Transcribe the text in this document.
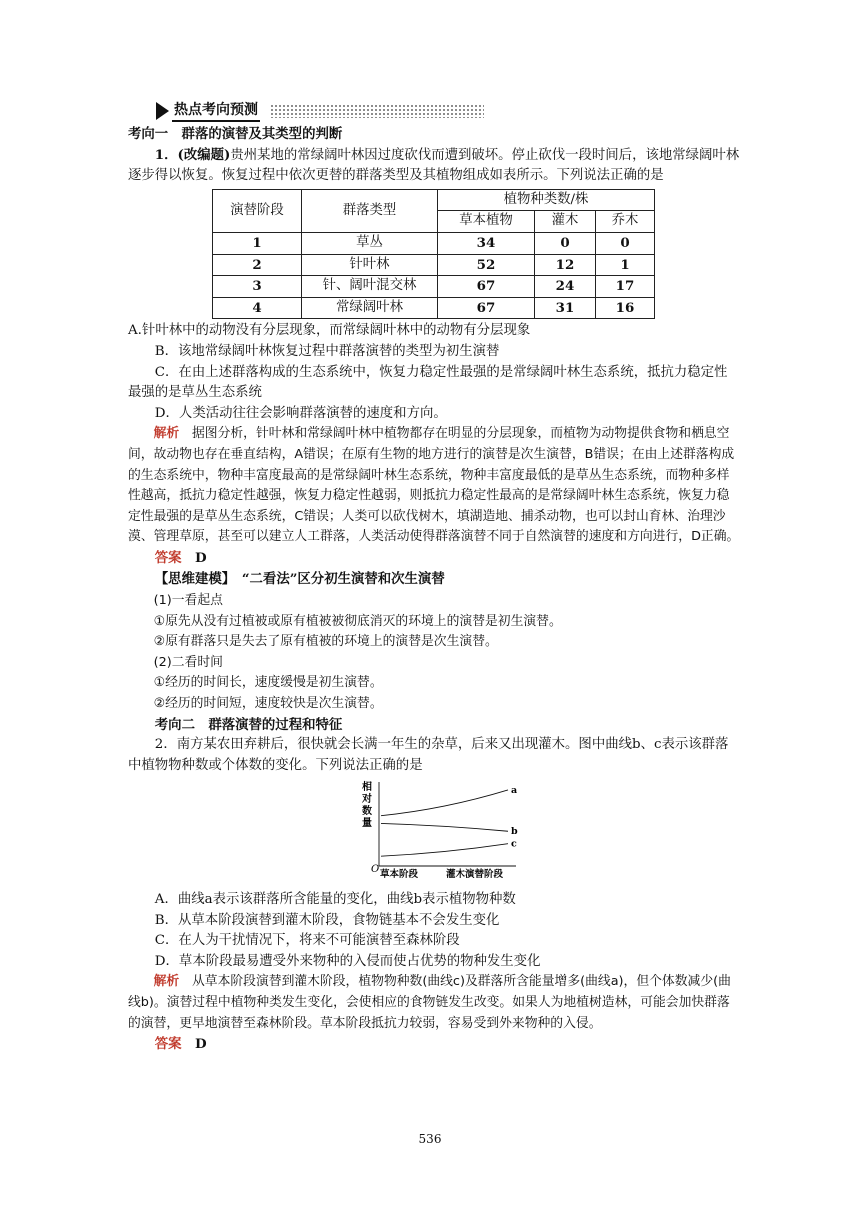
热点考向预测

考向一　群落的演替及其类型的判断

1．(改编题)贵州某地的常绿阔叶林因过度砍伐而遭到破坏。停止砍伐一段时间后，该地常绿阔叶林逐步得以恢复。恢复过程中依次更替的群落类型及其植物组成如表所示。下列说法正确的是

演替阶段	群落类型	植物种类数/株		
		草本植物	灌木	乔木
1	草丛	34	0	0
2	针叶林	52	12	1
3	针、阔叶混交林	67	24	17
4	常绿阔叶林	67	31	16

A.针叶林中的动物没有分层现象，而常绿阔叶林中的动物有分层现象

B．该地常绿阔叶林恢复过程中群落演替的类型为初生演替

C．在由上述群落构成的生态系统中，恢复力稳定性最强的是常绿阔叶林生态系统，抵抗力稳定性最强的是草丛生态系统

D．人类活动往往会影响群落演替的速度和方向。

解析　 据图分析，针叶林和常绿阔叶林中植物都存在明显的分层现象，而植物为动物提供食物和栖息空间，故动物也存在垂直结构，A错误；在原有生物的地方进行的演替是次生演替，B错误；在由上述群落构成的生态系统中，物种丰富度最高的是常绿阔叶林生态系统，物种丰富度最低的是草丛生态系统，而物种多样性越高，抵抗力稳定性越强，恢复力稳定性越弱，则抵抗力稳定性最高的是常绿阔叶林生态系统，恢复力稳定性最强的是草丛生态系统，C错误；人类可以砍伐树木，填湖造地、捕杀动物，也可以封山育林、治理沙漠、管理草原，甚至可以建立人工群落，人类活动使得群落演替不同于自然演替的速度和方向进行，D正确。

答案　 D

【思维建模】　 “二看法”区分初生演替和次生演替

(1)一看起点

①原先从没有过植被或原有植被被彻底消灭的环境上的演替是初生演替。

②原有群落只是失去了原有植被的环境上的演替是次生演替。

(2)二看时间

①经历的时间长，速度缓慢是初生演替。

②经历的时间短，速度较快是次生演替。

考向二　群落演替的过程和特征

2．南方某农田弃耕后，很快就会长满一年生的杂草，后来又出现灌木。图中曲线b、c表示该群落中植物物种数或个体数的变化。下列说法正确的是

相对数量
O 草本阶段	灌木演替阶段
a
b
c

A．曲线a表示该群落所含能量的变化，曲线b表示植物物种数

B．从草本阶段演替到灌木阶段，食物链基本不会发生变化

C．在人为干扰情况下，将来不可能演替至森林阶段

D．草本阶段最易遭受外来物种的入侵而使占优势的物种发生变化

解析　 从草本阶段演替到灌木阶段，植物物种数(曲线c)及群落所含能量增多(曲线a)，但个体数减少(曲线b)。演替过程中植物种类发生变化，会使相应的食物链发生改变。如果人为地植树造林，可能会加快群落的演替，更早地演替至森林阶段。草本阶段抵抗力较弱，容易受到外来物种的入侵。

答案　 D

536
